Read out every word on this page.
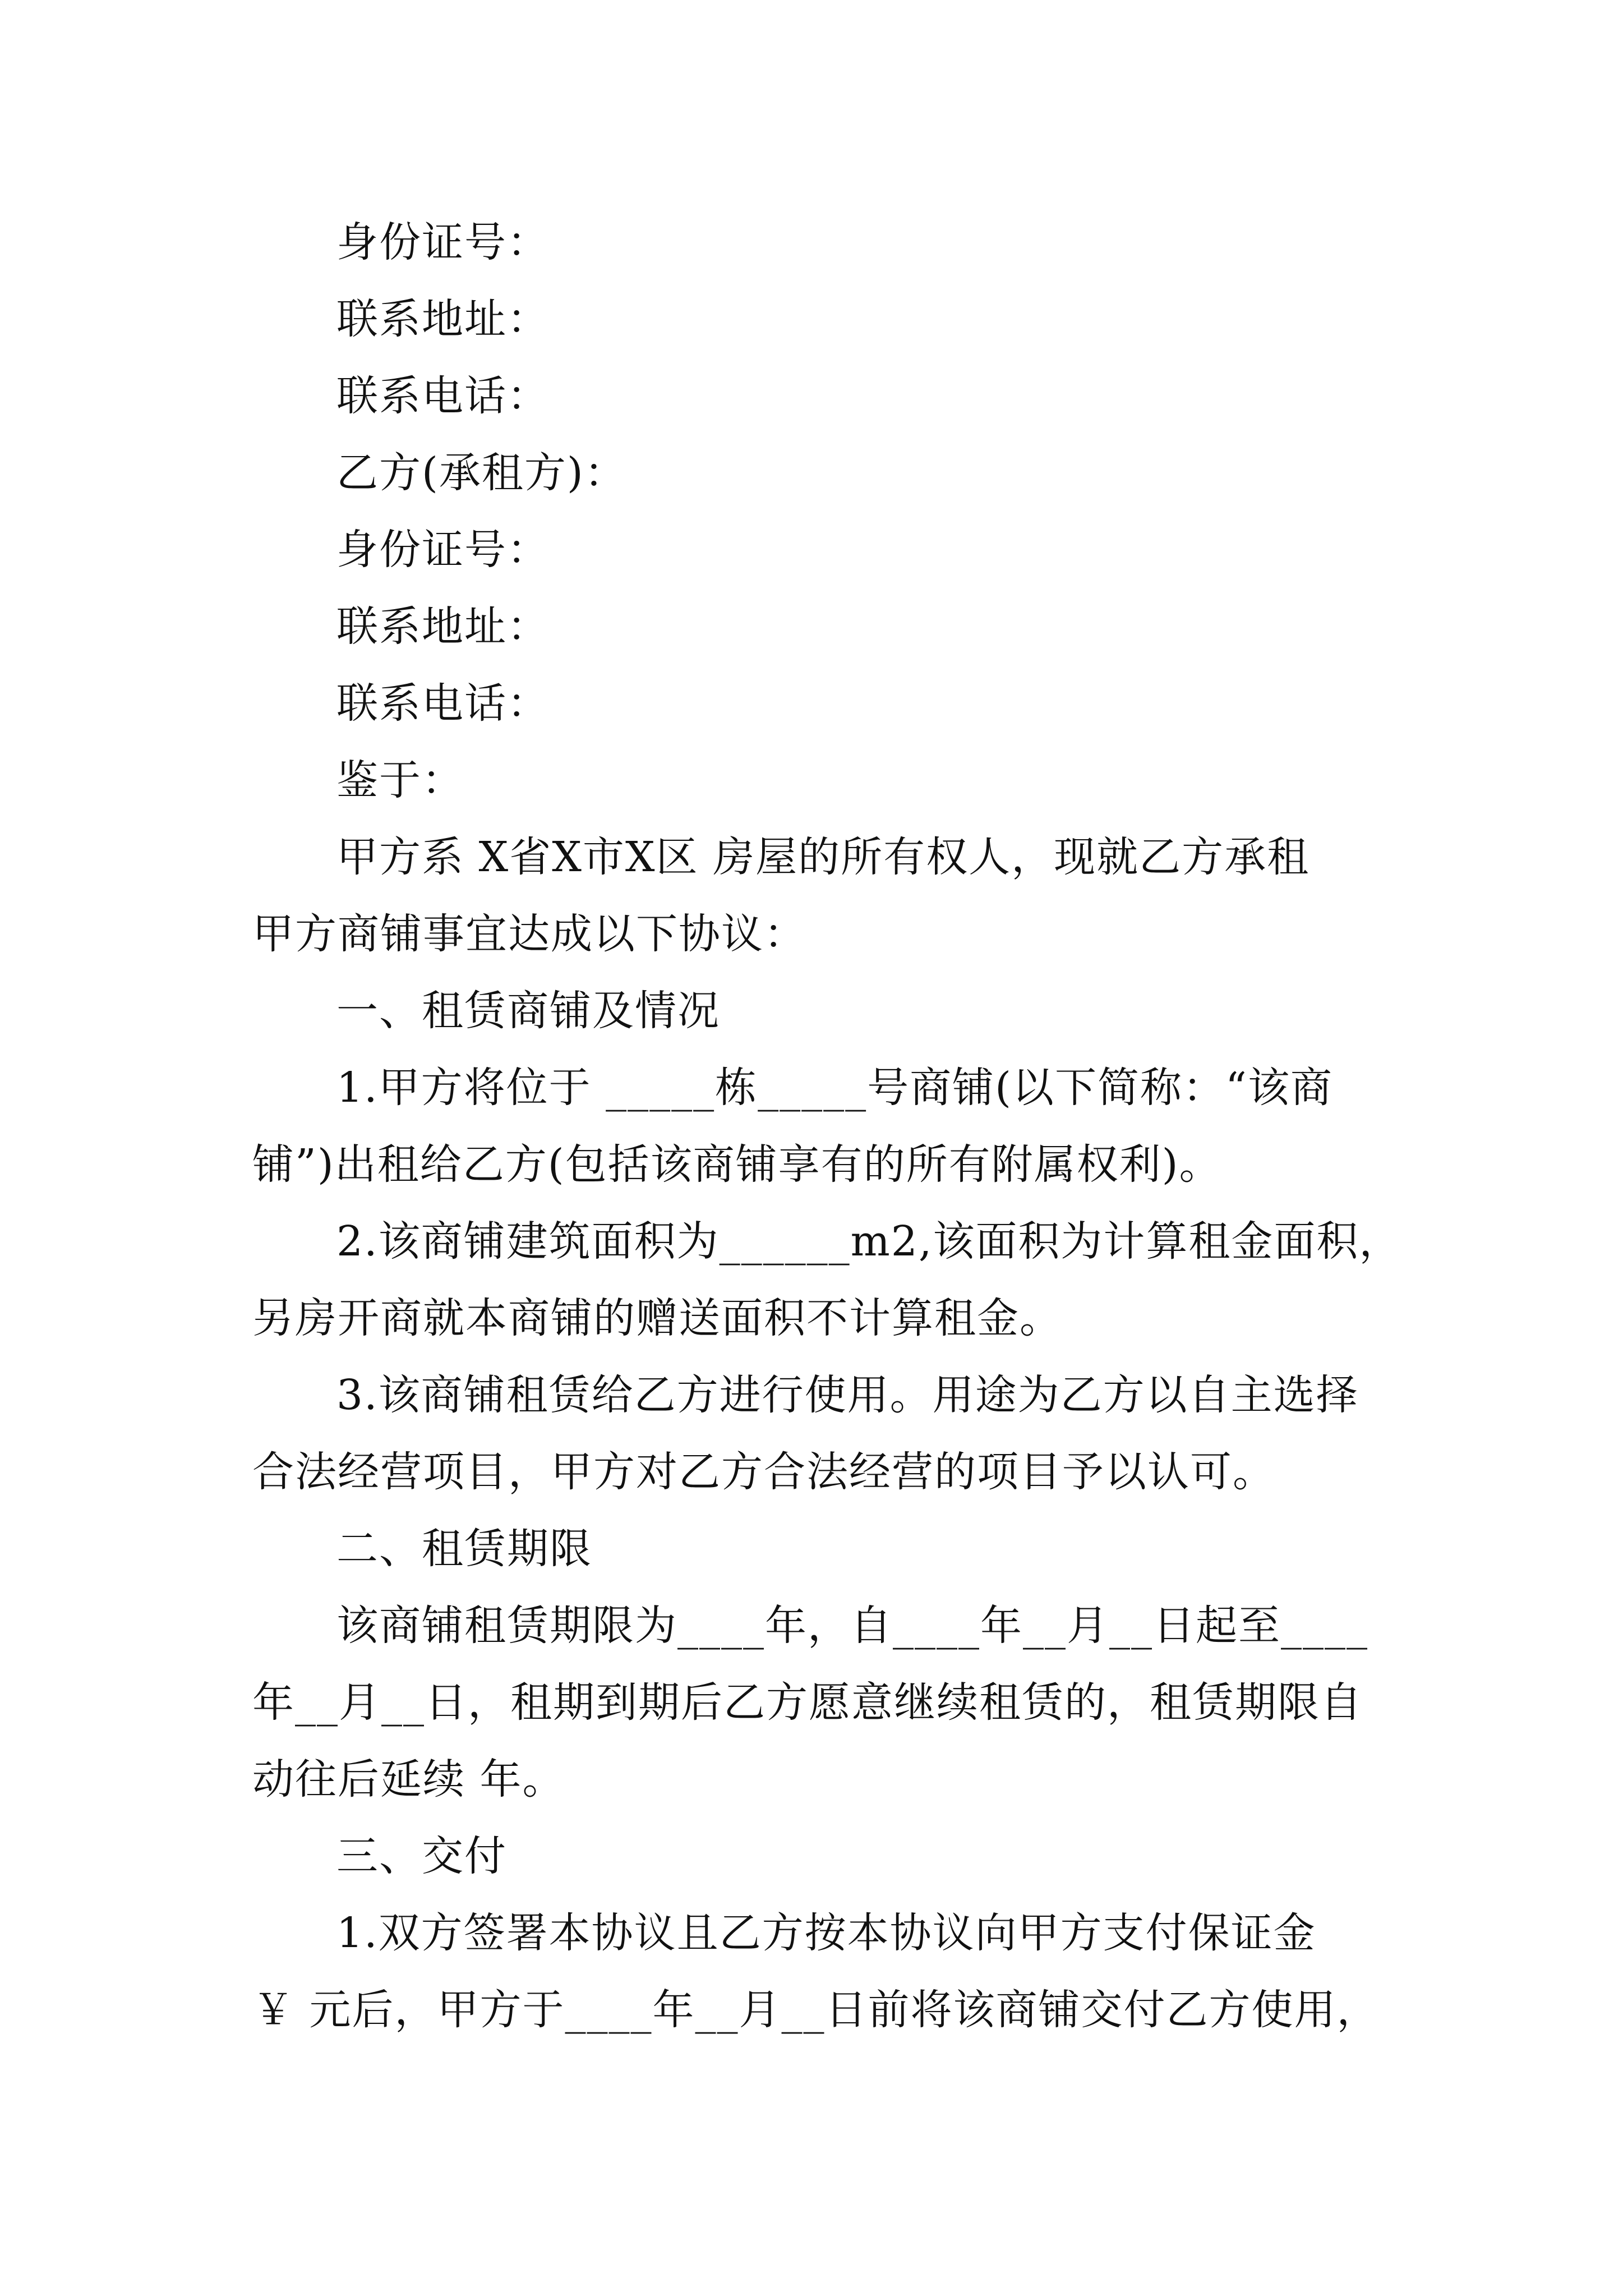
身份证号：
联系地址：
联系电话：
乙方(承租方)：
身份证号：
联系地址：
联系电话：
鉴于：
甲方系 X省X市X区 房屋的所有权人，现就乙方承租
甲方商铺事宜达成以下协议：
一、租赁商铺及情况
1.甲方将位于 _____栋_____号商铺(以下简称：“该商
铺”)出租给乙方(包括该商铺享有的所有附属权利)。
2.该商铺建筑面积为______m2,该面积为计算租金面积，
另房开商就本商铺的赠送面积不计算租金。
3.该商铺租赁给乙方进行使用。用途为乙方以自主选择
合法经营项目，甲方对乙方合法经营的项目予以认可。
二、租赁期限
该商铺租赁期限为____年，自____年__月__日起至____
年__月__日，租期到期后乙方愿意继续租赁的，租赁期限自
动往后延续 年。
三、交付
1.双方签署本协议且乙方按本协议向甲方支付保证金
￥ 元后，甲方于____年__月__日前将该商铺交付乙方使用，
